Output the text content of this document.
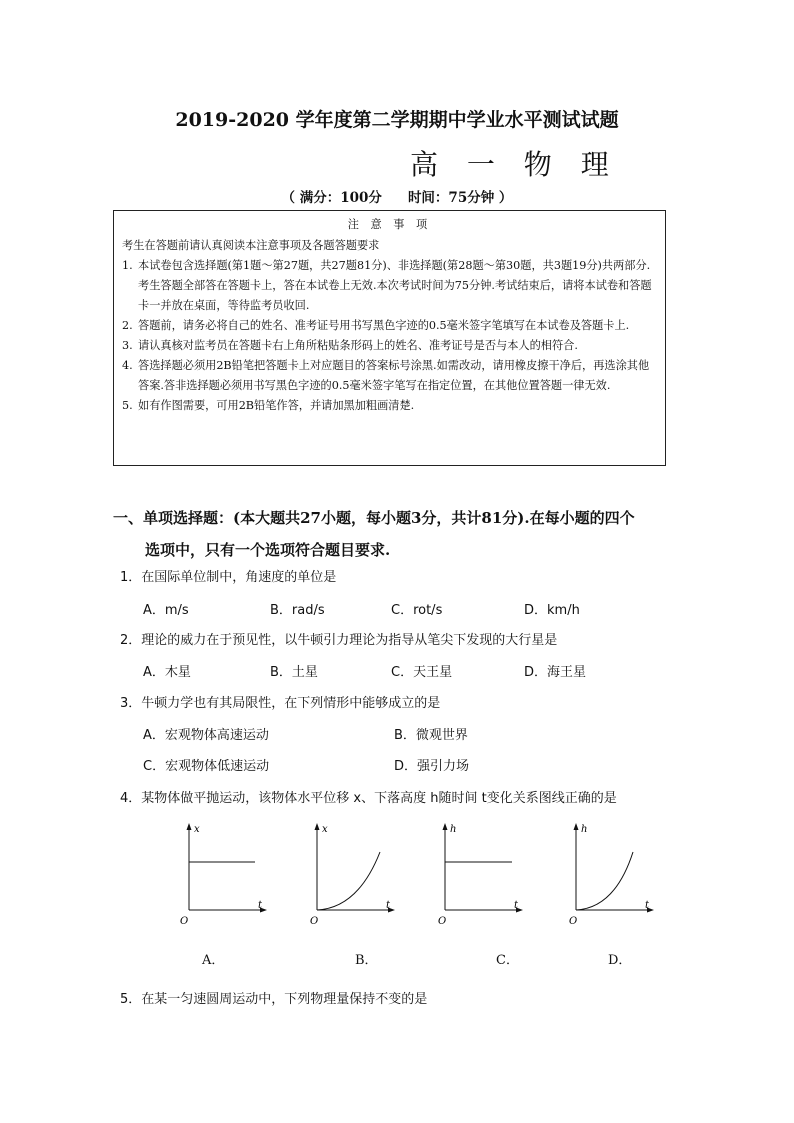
2019-2020 学年度第二学期期中学业水平测试试题
高 一 物 理
（ 满分：100分 时间：75分钟 ）
注 意 事 项
考生在答题前请认真阅读本注意事项及各题答题要求
1. 本试卷包含选择题(第1题～第27题，共27题81分)、非选择题(第28题～第30题，共3题19分)共两部分.考生答题全部答在答题卡上，答在本试卷上无效.本次考试时间为75分钟.考试结束后，请将本试卷和答题卡一并放在桌面，等待监考员收回.
2. 答题前，请务必将自己的姓名、准考证号用书写黑色字迹的0.5毫米签字笔填写在本试卷及答题卡上.
3. 请认真核对监考员在答题卡右上角所粘贴条形码上的姓名、准考证号是否与本人的相符合.
4. 答选择题必须用2B铅笔把答题卡上对应题目的答案标号涂黑.如需改动，请用橡皮擦干净后，再选涂其他答案.答非选择题必须用书写黑色字迹的0.5毫米签字笔写在指定位置，在其他位置答题一律无效.
5. 如有作图需要，可用2B铅笔作答，并请加黑加粗画清楚.
一、单项选择题：(本大题共27小题，每小题3分，共计81分).在每小题的四个
选项中，只有一个选项符合题目要求.
1．在国际单位制中，角速度的单位是
A．m/s	B．rad/s	C．rot/s	D．km/h
2．理论的威力在于预见性，以牛顿引力理论为指导从笔尖下发现的大行星是
A．木星	B．土星	C．天王星	D．海王星
3．牛顿力学也有其局限性，在下列情形中能够成立的是
A．宏观物体高速运动	B．微观世界
C．宏观物体低速运动	D．强引力场
4．某物体做平抛运动，该物体水平位移 x、下落高度 h随时间 t变化关系图线正确的是
x
t
O
A．
x
t
O
B．
h
t
O
C．
h
t
O
D．
5．在某一匀速圆周运动中，下列物理量保持不变的是
